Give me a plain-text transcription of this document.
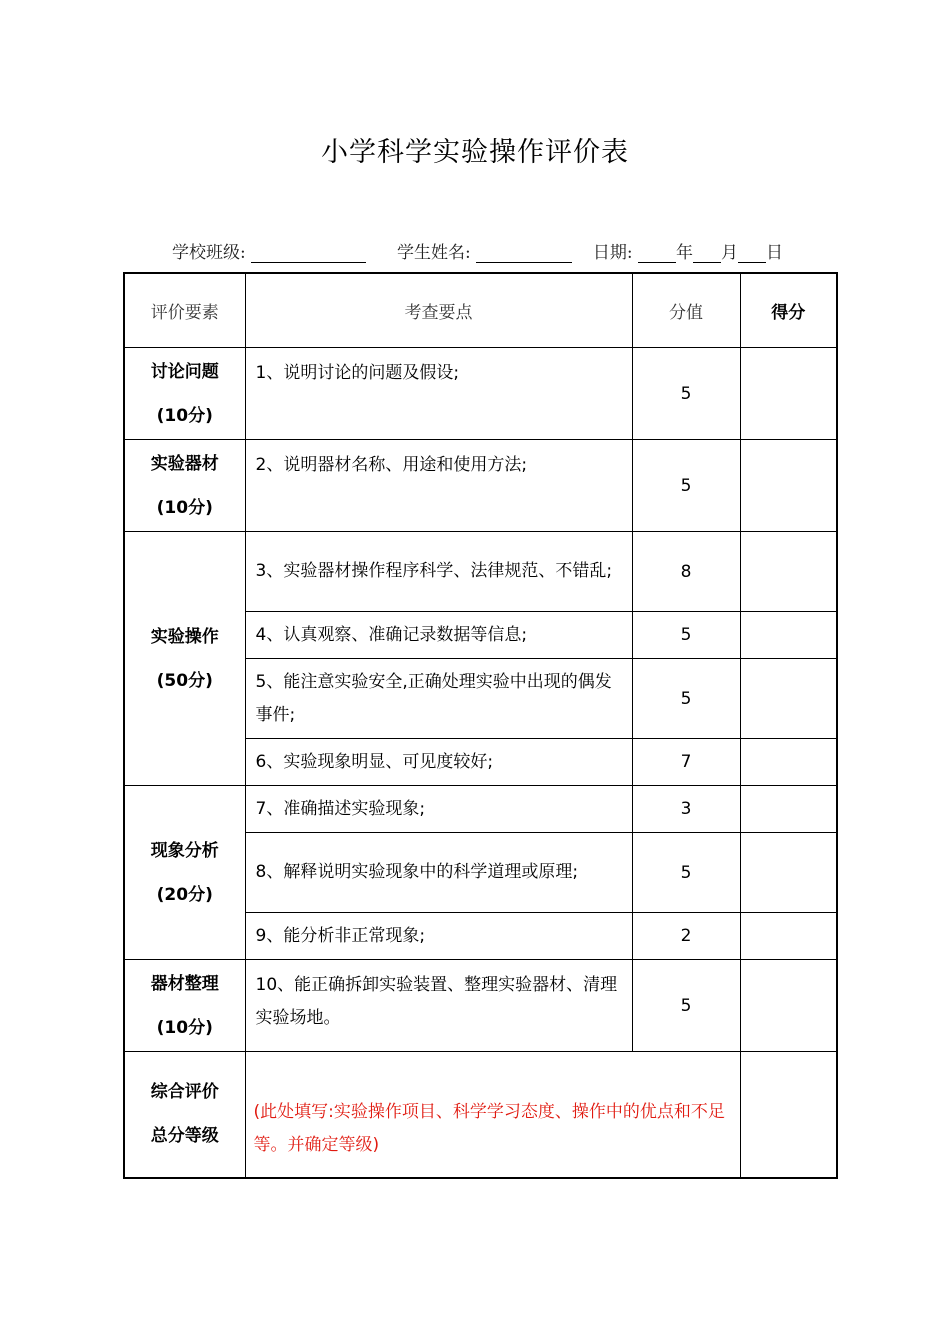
小学科学实验操作评价表
学校班级:	学生姓名:	日期:	年 月 日
评价要素	考查要点	分值	得分

讨论问题
(10分)	1、说明讨论的问题及假设;	5	

实验器材
(10分)	2、说明器材名称、用途和使用方法;	5	

实验操作
(50分)	3、实验器材操作程序科学、法律规范、不错乱;	8	
	4、认真观察、准确记录数据等信息;	5	
	5、能注意实验安全,正确处理实验中出现的偶发事件;	5	
	6、实验现象明显、可见度较好;	7	

现象分析
(20分)	7、准确描述实验现象;	3	
	8、解释说明实验现象中的科学道理或原理;	5	
	9、能分析非正常现象;	2	

器材整理
(10分)	10、能正确拆卸实验装置、整理实验器材、清理实验场地。	5	

综合评价
总分等级	(此处填写:实验操作项目、科学学习态度、操作中的优点和不足等。并确定等级)		
